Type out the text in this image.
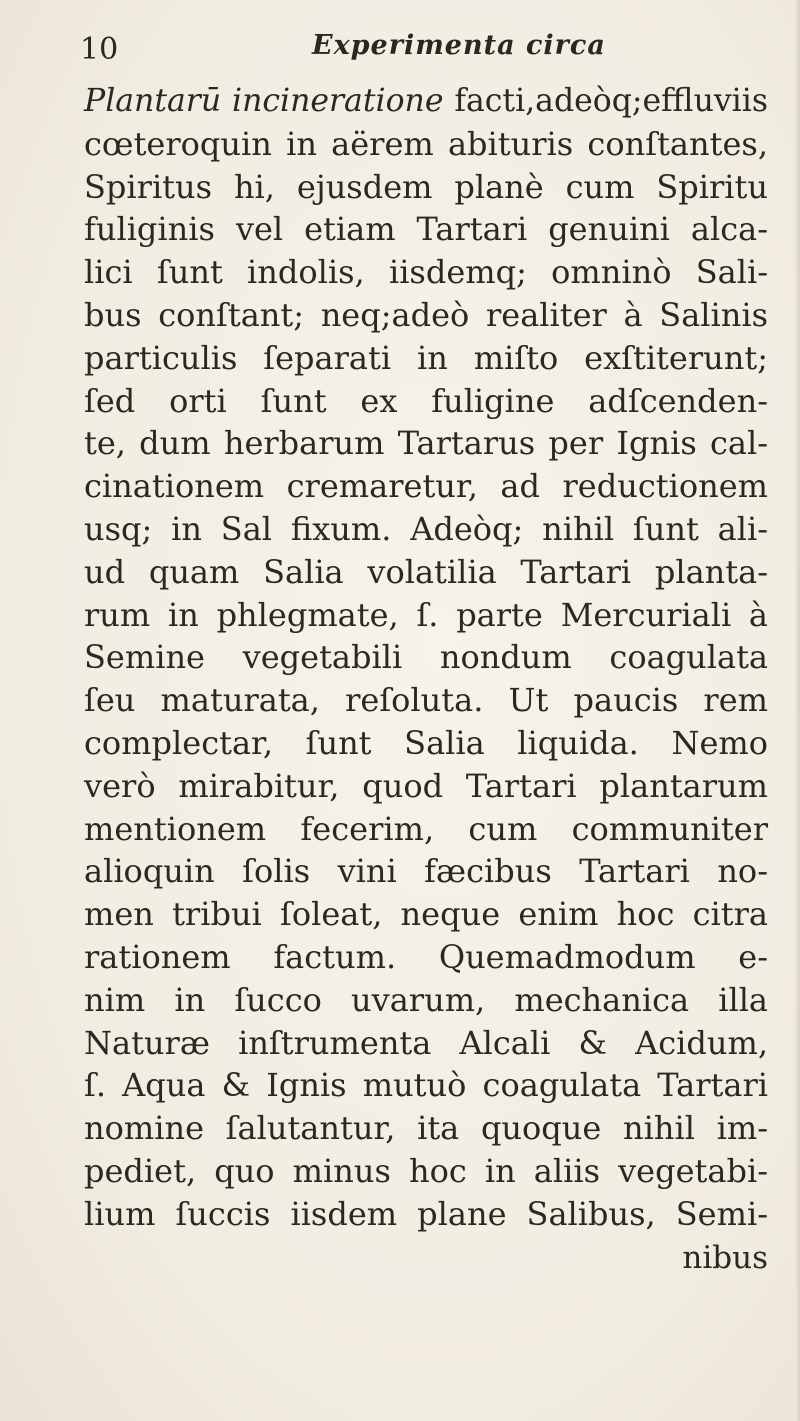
10	Experimenta circa
Plantarū incineratione facti,adeòq;effluviis
cœteroquin in aërem abituris conſtantes,
Spiritus hi, ejusdem planè cum Spiritu
fuliginis vel etiam Tartari genuini alca-
lici ſunt indolis, iisdemq; omninò Sali-
bus conſtant; neq;adeò realiter à Salinis
particulis ſeparati in miſto exſtiterunt;
ſed orti ſunt ex fuligine adſcenden-
te, dum herbarum Tartarus per Ignis cal-
cinationem cremaretur, ad reductionem
usq; in Sal fixum. Adeòq; nihil ſunt ali-
ud quam Salia volatilia Tartari planta-
rum in phlegmate, ſ. parte Mercuriali à
Semine vegetabili nondum coagulata
ſeu maturata, reſoluta. Ut paucis rem
complectar, ſunt Salia liquida. Nemo
verò mirabitur, quod Tartari plantarum
mentionem fecerim, cum communiter
alioquin ſolis vini fæcibus Tartari no-
men tribui ſoleat, neque enim hoc citra
rationem factum. Quemadmodum e-
nim in ſucco uvarum, mechanica illa
Naturæ inſtrumenta Alcali & Acidum,
ſ. Aqua & Ignis mutuò coagulata Tartari
nomine ſalutantur, ita quoque nihil im-
pediet, quo minus hoc in aliis vegetabi-
lium ſuccis iisdem plane Salibus, Semi-
nibus
